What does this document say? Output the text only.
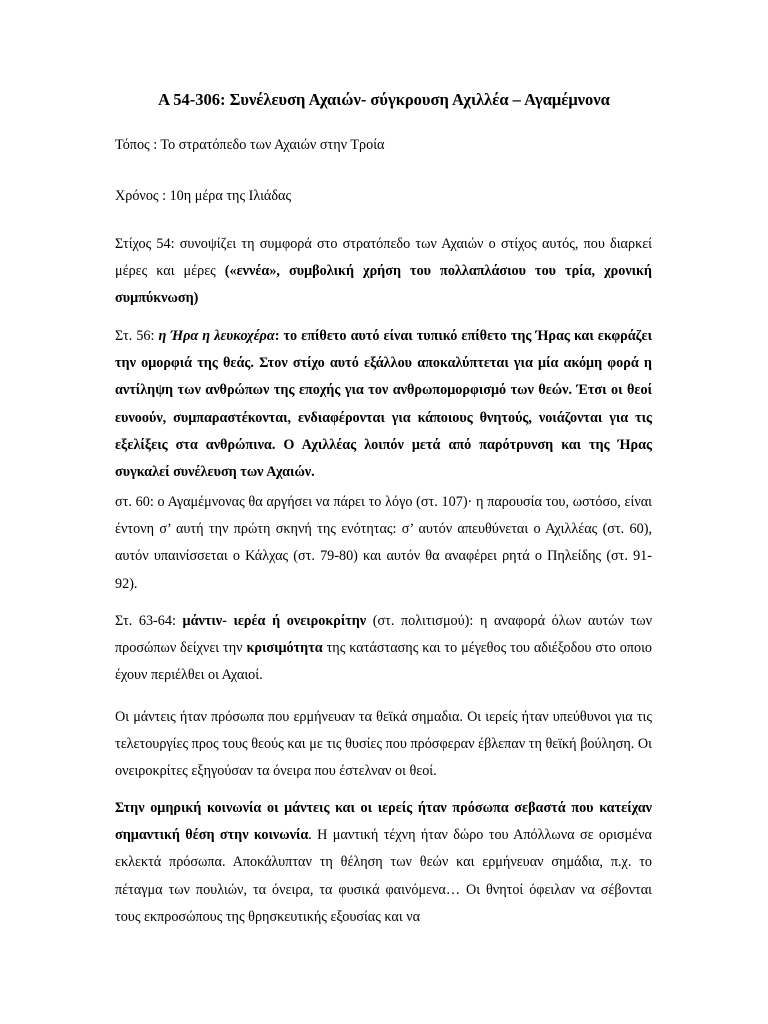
Α 54-306: Συνέλευση Αχαιών- σύγκρουση Αχιλλέα – Αγαμέμνονα

Τόπος : Το στρατόπεδο των Αχαιών στην Τροία

Χρόνος : 10η μέρα της Ιλιάδας

Στίχος 54: συνοψίζει τη συμφορά στο στρατόπεδο των Αχαιών ο στίχος αυτός, που διαρκεί μέρες και μέρες («εννέα», συμβολική χρήση του πολλαπλάσιου του τρία, χρονική συμπύκνωση)

Στ. 56: η Ήρα η λευκοχέρα: το επίθετο αυτό είναι τυπικό επίθετο της Ήρας και εκφράζει την ομορφιά της θεάς. Στον στίχο αυτό εξάλλου αποκαλύπτεται για μία ακόμη φορά η αντίληψη των ανθρώπων της εποχής για τον ανθρωπομορφισμό των θεών. Έτσι οι θεοί ευνοούν, συμπαραστέκονται, ενδιαφέρονται για κάποιους θνητούς, νοιάζονται για τις εξελίξεις στα ανθρώπινα. Ο Αχιλλέας λοιπόν μετά από παρότρυνση και της Ήρας συγκαλεί συνέλευση των Αχαιών.

στ. 60: ο Αγαμέμνονας θα αργήσει να πάρει το λόγο (στ. 107)· η παρουσία του, ωστόσο, είναι έντονη σ’ αυτή την πρώτη σκηνή της ενότητας: σ’ αυτόν απευθύνεται ο Αχιλλέας (στ. 60), αυτόν υπαινίσσεται ο Κάλχας (στ. 79-80) και αυτόν θα αναφέρει ρητά ο Πηλείδης (στ. 91-92).

Στ. 63-64: μάντιν- ιερέα ή ονειροκρίτην (στ. πολιτισμού): η αναφορά όλων αυτών των προσώπων δείχνει την κρισιμότητα της κατάστασης και το μέγεθος του αδιέξοδου στο οποιο έχουν περιέλθει οι Αχαιοί.

Οι μάντεις ήταν πρόσωπα που ερμήνευαν τα θεϊκά σημαδια. Οι ιερείς ήταν υπεύθυνοι για τις τελετουργίες προς τους θεούς και με τις θυσίες που πρόσφεραν έβλεπαν τη θεϊκή βούληση. Οι ονειροκρίτες εξηγούσαν τα όνειρα που έστελναν οι θεοί.

Στην ομηρική κοινωνία οι μάντεις και οι ιερείς ήταν πρόσωπα σεβαστά που κατείχαν σημαντική θέση στην κοινωνία. Η μαντική τέχνη ήταν δώρο του Απόλλωνα σε ορισμένα εκλεκτά πρόσωπα. Αποκάλυπταν τη θέληση των θεών και ερμήνευαν σημάδια, π.χ. το πέταγμα των πουλιών, τα όνειρα, τα φυσικά φαινόμενα… Οι θνητοί όφειλαν να σέβονται τους εκπροσώπους της θρησκευτικής εξουσίας και να
